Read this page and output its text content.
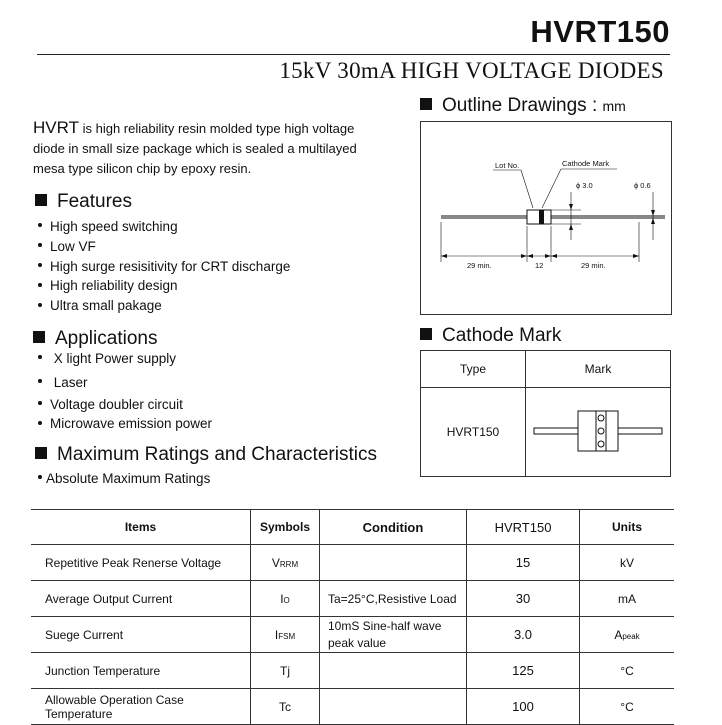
HVRT150
15kV 30mA HIGH VOLTAGE DIODES
HVRT is high reliability resin molded type high voltage
diode in small size package which is sealed a multilayed
mesa type silicon chip by epoxy resin.
Features
High speed switching
Low VF
High surge resisitivity for CRT discharge
High reliability design
Ultra small pakage
Applications
X light Power supply
Laser
Voltage doubler circuit
Microwave emission power
Maximum Ratings and Characteristics
Absolute Maximum Ratings
Outline Drawings : mm
Lot No.	Cathode Mark
ϕ 3.0	ϕ 0.6
29 min.	12	29 min.
Cathode Mark
Type	Mark
HVRT150	
Items	Symbols	Condition	HVRT150	Units
Repetitive Peak Renerse Voltage	VRRM		15	kV
Average Output Current	IO	Ta=25°C,Resistive Load	30	mA
Suege Current	IFSM	10mS Sine-half wave
peak value	3.0	Apeak
Junction Temperature	Tj		125	°C
Allowable Operation Case Temperature	Tc		100	°C
